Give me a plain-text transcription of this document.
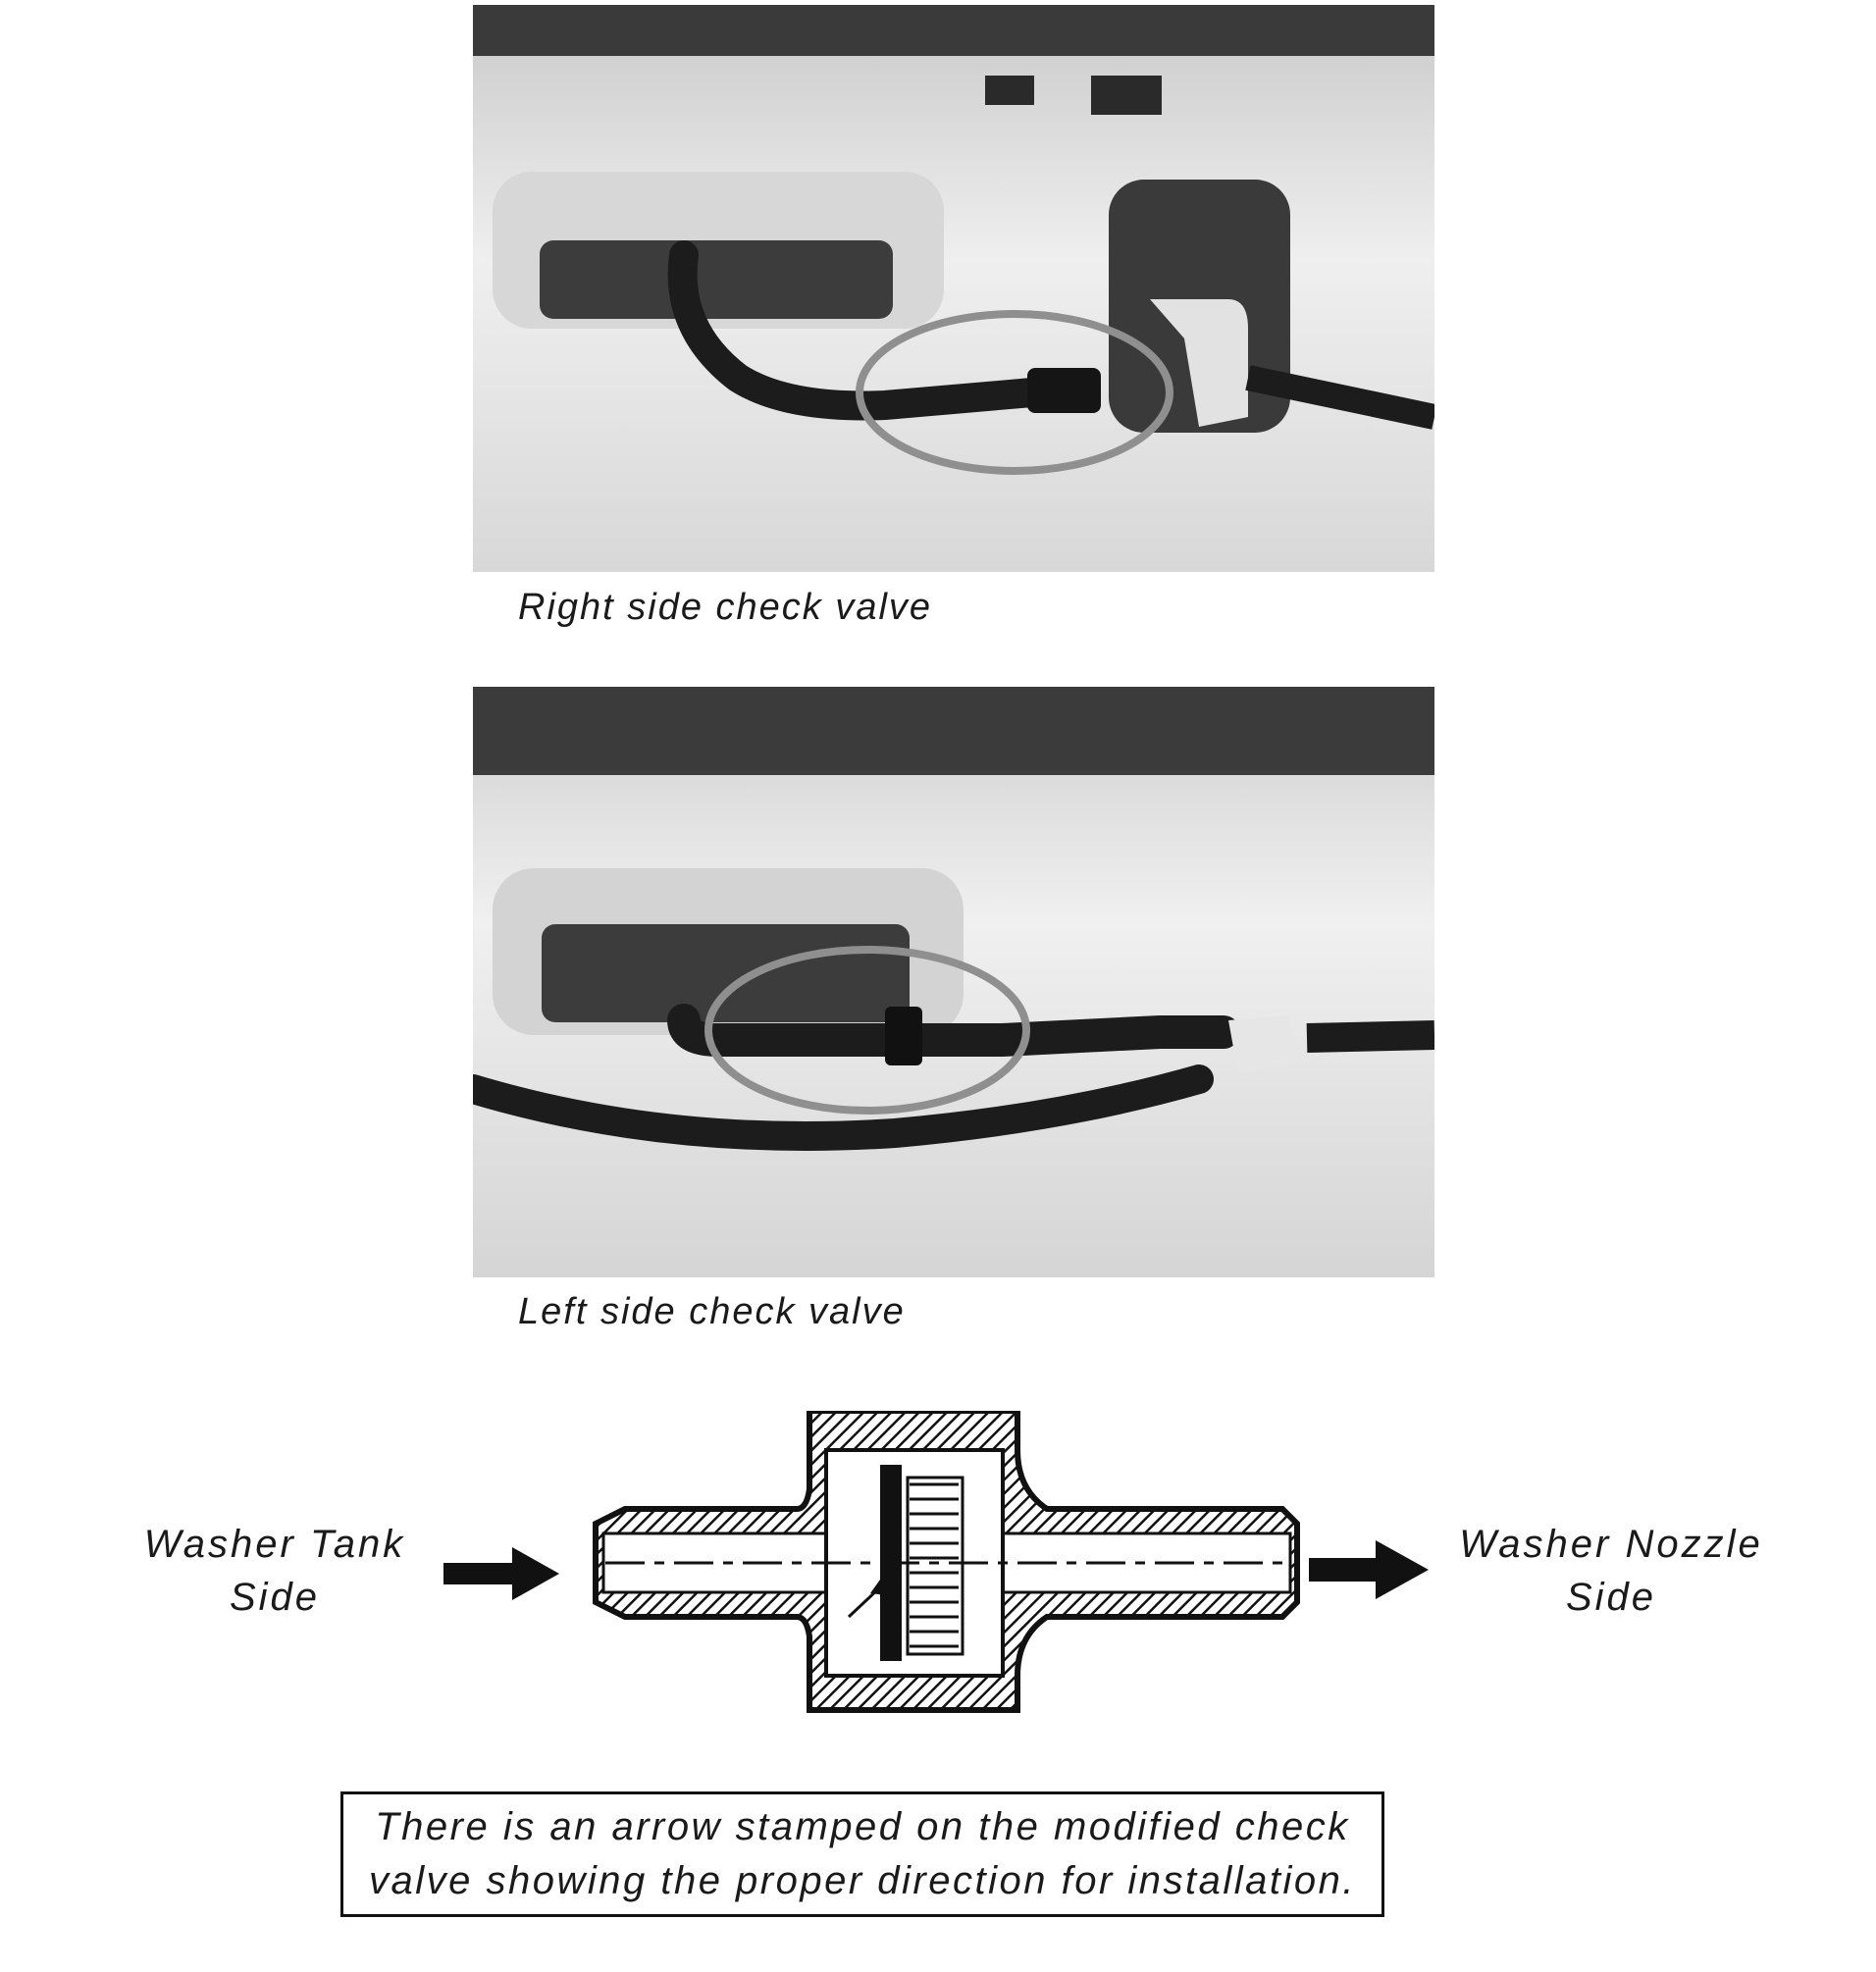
Right side check valve
Left side check valve
Washer Tank Side
Washer Nozzle Side
There is an arrow stamped on the modified check valve showing the proper direction for installation.
